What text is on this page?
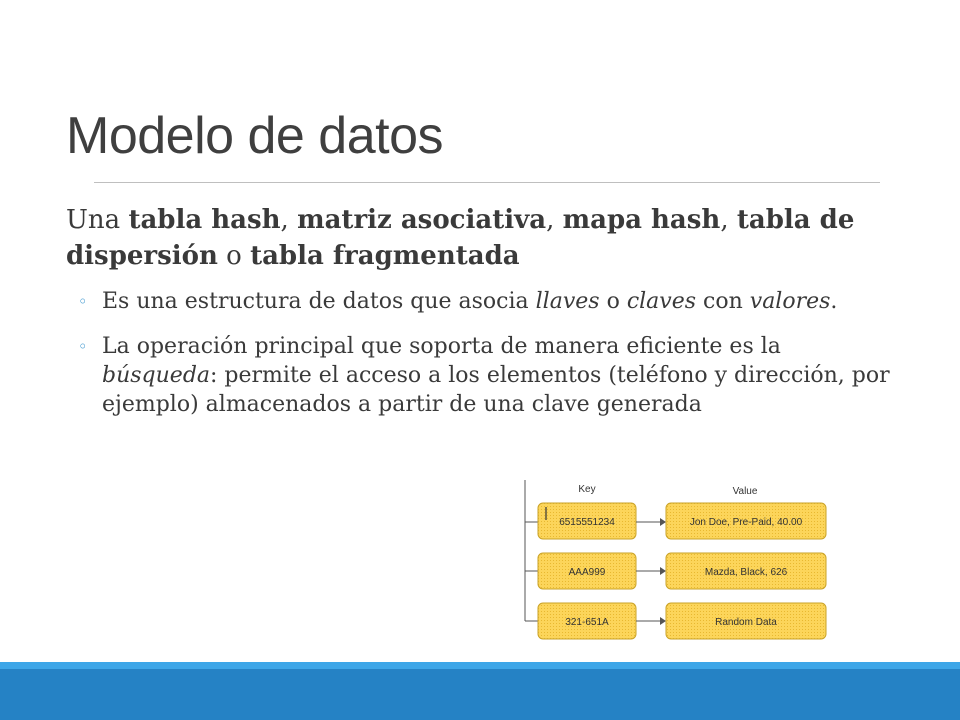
Modelo de datos
Una tabla hash, matriz asociativa, mapa hash, tabla de dispersión o tabla fragmentada
◦ Es una estructura de datos que asocia llaves o claves con valores.
◦ La operación principal que soporta de manera eficiente es la búsqueda: permite el acceso a los elementos (teléfono y dirección, por ejemplo) almacenados a partir de una clave generada
Key	Value
6515551234	Jon Doe, Pre-Paid, 40.00
AAA999	Mazda, Black, 626
321-651A	Random Data
